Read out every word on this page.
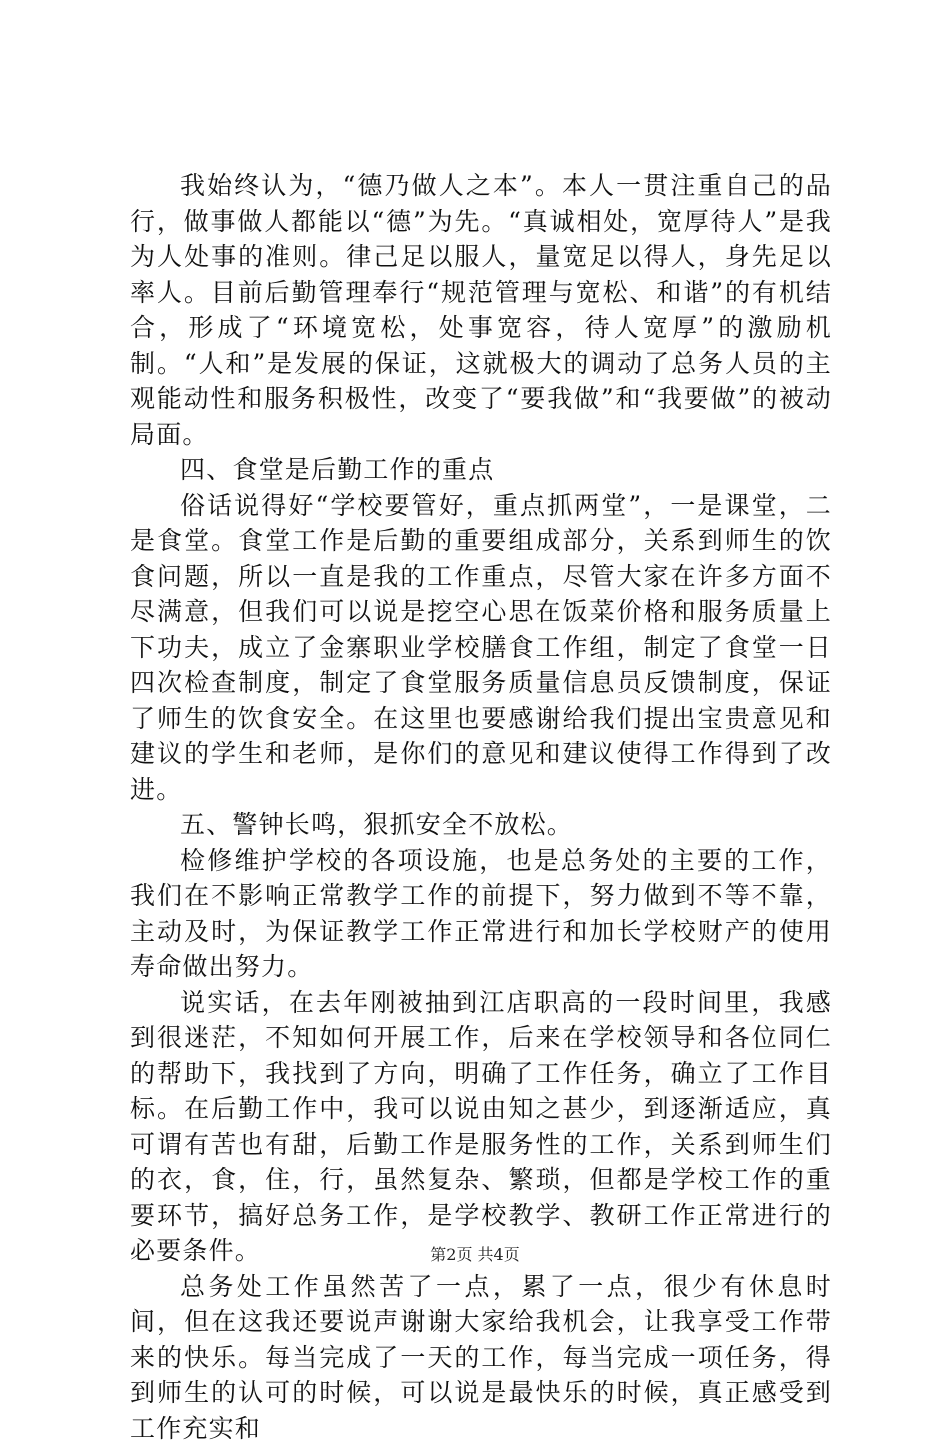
我始终认为，“德乃做人之本”。本人一贯注重自己的品行，做事做人都能以“德”为先。“真诚相处，宽厚待人”是我为人处事的准则。律己足以服人，量宽足以得人，身先足以率人。目前后勤管理奉行“规范管理与宽松、和谐”的有机结合，形成了“环境宽松，处事宽容，待人宽厚”的激励机制。“人和”是发展的保证，这就极大的调动了总务人员的主观能动性和服务积极性，改变了“要我做”和“我要做”的被动局面。

四、食堂是后勤工作的重点

俗话说得好“学校要管好，重点抓两堂”，一是课堂，二是食堂。食堂工作是后勤的重要组成部分，关系到师生的饮食问题，所以一直是我的工作重点，尽管大家在许多方面不尽满意，但我们可以说是挖空心思在饭菜价格和服务质量上下功夫，成立了金寨职业学校膳食工作组，制定了食堂一日四次检查制度，制定了食堂服务质量信息员反馈制度，保证了师生的饮食安全。在这里也要感谢给我们提出宝贵意见和建议的学生和老师，是你们的意见和建议使得工作得到了改进。

五、警钟长鸣，狠抓安全不放松。

检修维护学校的各项设施，也是总务处的主要的工作，我们在不影响正常教学工作的前提下，努力做到不等不靠，主动及时，为保证教学工作正常进行和加长学校财产的使用寿命做出努力。

说实话，在去年刚被抽到江店职高的一段时间里，我感到很迷茫，不知如何开展工作，后来在学校领导和各位同仁的帮助下，我找到了方向，明确了工作任务，确立了工作目标。在后勤工作中，我可以说由知之甚少，到逐渐适应，真可谓有苦也有甜，后勤工作是服务性的工作，关系到师生们的衣，食，住，行，虽然复杂、繁琐，但都是学校工作的重要环节，搞好总务工作，是学校教学、教研工作正常进行的必要条件。

总务处工作虽然苦了一点，累了一点，很少有休息时间，但在这我还要说声谢谢大家给我机会，让我享受工作带来的快乐。每当完成了一天的工作，每当完成一项任务，得到师生的认可的时候，可以说是最快乐的时候，真正感受到工作充实和

第2页 共4页
